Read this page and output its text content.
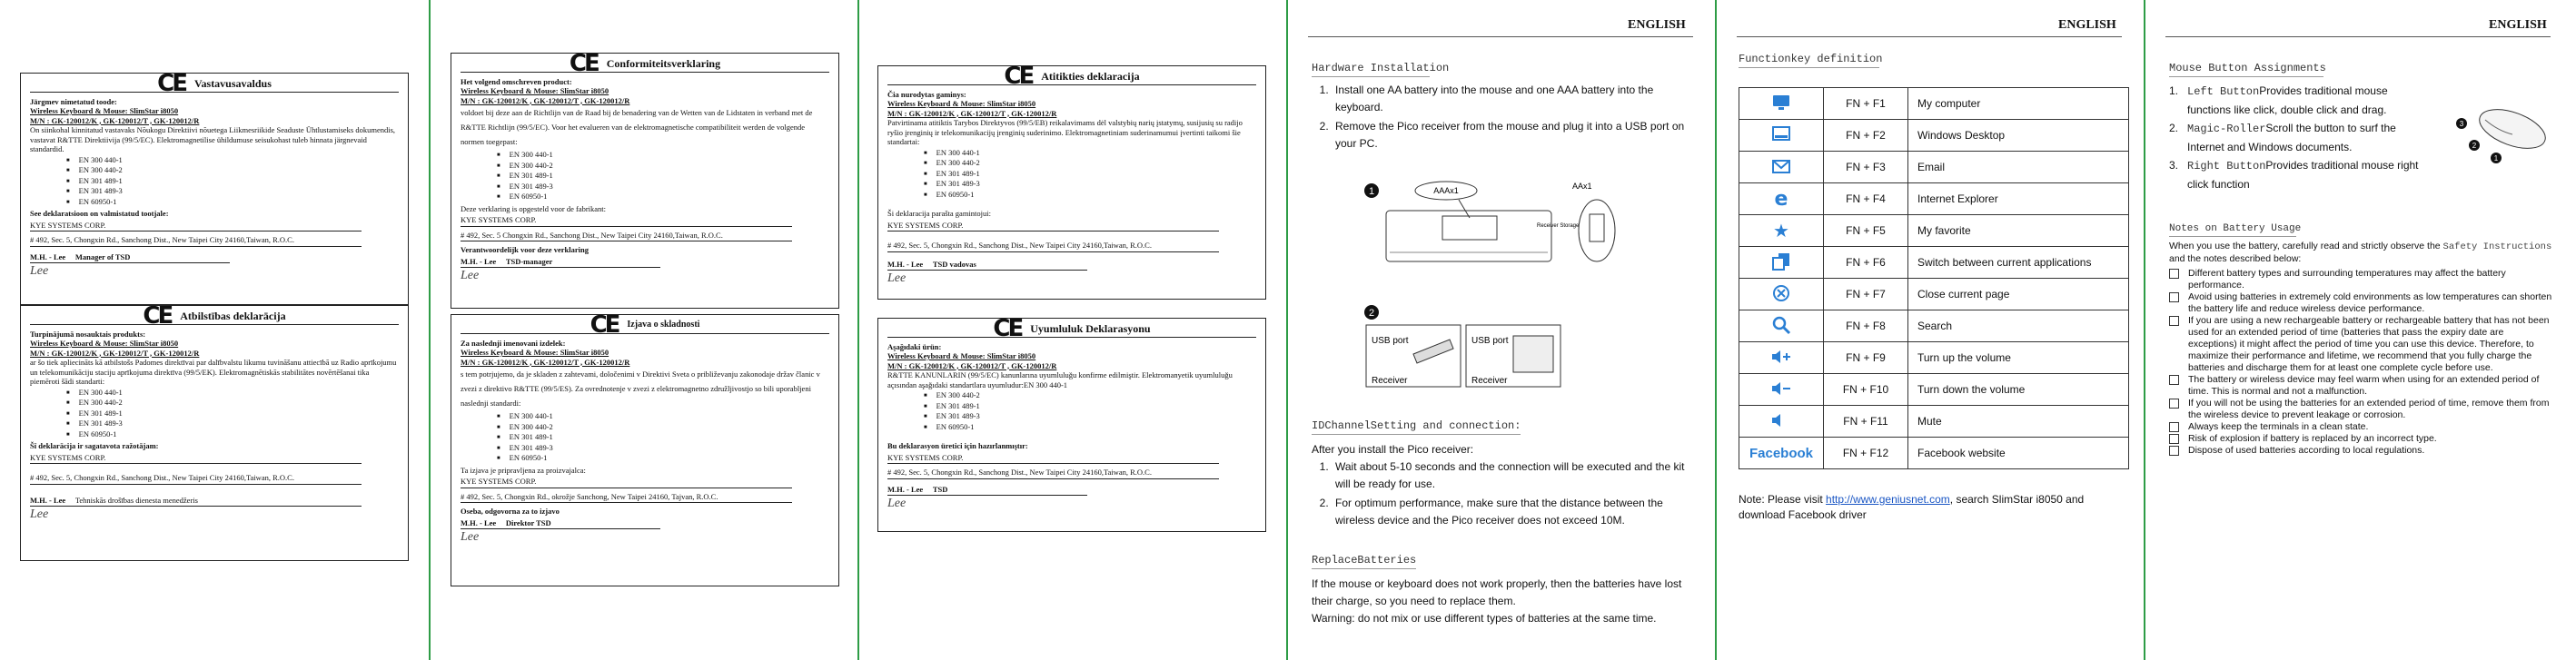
CE Vastavusavaldus
Järgmev nimetatud toode:
Wireless Keyboard & Mouse: SlimStar i8050
M/N : GK-120012/K , GK-120012/T , GK-120012/R
On siinkohal kinnitatud vastavaks Nõukogu Direktiivi nõuetega Liikmesriikide Seadustе Ühtlustamiseks dokumendis, vastavat R&TTE Direktiivija (99/5/EC). Elektromagnetilise ühildumuse seisukohast tuleb hinnata järgnevaid standardid.
■ EN 300 440-1
■ EN 300 440-2
■ EN 301 489-1
■ EN 301 489-3
■ EN 60950-1
See deklaratsioon on valmistatud tootjale:
KYE SYSTEMS CORP.
# 492, Sec. 5, Chongxin Rd., Sanchong Dist., New Taipei City 24160,Taiwan, R.O.C.
M.H. - Lee Manager of TSD
Lee
CE Atbilstības deklarācija
Turpinājumā nosauktais produkts:
Wireless Keyboard & Mouse: SlimStar i8050
M/N : GK-120012/K , GK-120012/T , GK-120012/R
ar šo tiek apliecināts kā atbilstošs Padomes direktīvai par dalībvalstu likumu tuvināšanu attiecībā uz Radio aprīkojumu un telekomunikāciju staciju aprīkojuma direktīva (99/5/EK). Elektromagnētiskās stabilitātes novērtēšanai tika piemēroti šādi standarti:
■ EN 300 440-1
■ EN 300 440-2
■ EN 301 489-1
■ EN 301 489-3
■ EN 60950-1
Šī deklarācija ir sagatavota ražotājam:
KYE SYSTEMS CORP.
# 492, Sec. 5, Chongxin Rd., Sanchong Dist., New Taipei City 24160,Taiwan, R.O.C.
M.H. - Lee Tehniskās drošības dienesta menedžeris
Lee
CE Conformiteitsverklaring
Het volgend omschreven product:
Wireless Keyboard & Mouse: SlimStar i8050
M/N : GK-120012/K , GK-120012/T , GK-120012/R
voldoet bij deze aan de Richtlijn van de Raad bij de benadering van de Wetten van de Lidstaten in verband met de R&TTE Richtlijn (99/5/EC). Voor het evalueren van de elektromagnetische compatibiliteit werden de volgende normen toegepast:
■ EN 300 440-1
■ EN 300 440-2
■ EN 301 489-1
■ EN 301 489-3
■ EN 60950-1
Deze verklaring is opgesteld voor de fabrikant:
KYE SYSTEMS CORP.
# 492, Sec. 5 Chongxin Rd., Sanchong Dist., New Taipei City 24160,Taiwan, R.O.C.
Verantwoordelijk voor deze verklaring
M.H. - Lee TSD-manager
Lee
CE Izjava o skladnosti
Za naslednji imenovani izdelek:
Wireless Keyboard & Mouse: SlimStar i8050
M/N : GK-120012/K , GK-120012/T , GK-120012/R
s tem potrjujemo, da je skladen z zahtevami, določenimi v Direktivi Sveta o približevanju zakonodaje držav članic v zvezi z direktivo R&TTE (99/5/ES). Za ovrednotenje v zvezi z elektromagnetno združljivostjo so bili uporabljeni naslednji standardi:
■ EN 300 440-1
■ EN 300 440-2
■ EN 301 489-1
■ EN 301 489-3
■ EN 60950-1
Ta izjava je pripravljena za proizvajalca:
KYE SYSTEMS CORP.
# 492, Sec. 5, Chongxin Rd., okrožje Sanchong, New Taipei 24160, Tajvan, R.O.C.
Oseba, odgovorna za to izjavo
M.H. - Lee Direktor TSD
Lee
CE Atitikties deklaracija
Čia nurodytas gaminys:
Wireless Keyboard & Mouse: SlimStar i8050
M/N : GK-120012/K , GK-120012/T , GK-120012/R
Patvirtinama atitiktis Tarybos Direktyvos (99/5/EB) reikalavimams dėl valstybių narių įstatymų, susijusių su radijo ryšio įrenginių ir telekomunikacijų įrenginių suderinimo. Elektromagnetiniam suderinamumui įvertinti taikomi šie standartai:
■ EN 300 440-1
■ EN 300 440-2
■ EN 301 489-1
■ EN 301 489-3
■ EN 60950-1
Ši deklaracija parašta gamintojui:
KYE SYSTEMS CORP.
# 492, Sec. 5, Chongxin Rd., Sanchong Dist., New Taipei City 24160,Taiwan, R.O.C.
M.H. - Lee TSD vadovas
Lee
CE Uyumluluk Deklarasyonu
Aşağıdaki ürün:
Wireless Keyboard & Mouse: SlimStar i8050
M/N : GK-120012/K , GK-120012/T , GK-120012/R
R&TTE KANUNLARIN (99/5/EC) kanunlarına uyumluluğu konfirme edilmiştir. Elektromanyetik uyumluluğu açısından aşağıdaki standartlara uyumludur:EN 300 440-1
■ EN 300 440-2
■ EN 301 489-1
■ EN 301 489-3
■ EN 60950-1
Bu deklarasyon üretici için hazırlanmıştır:
KYE SYSTEMS CORP.
# 492, Sec. 5, Chongxin Rd., Sanchong Dist., New Taipei City 24160,Taiwan, R.O.C.
M.H. - Lee TSD
Lee
ENGLISH
Hardware Installation
1. Install one AA battery into the mouse and one AAA battery into the keyboard.
2. Remove the Pico receiver from the mouse and plug it into a USB port on your PC.
1	AAAx1	AAx1
Receiver Storage
2
USB port	USB port
Receiver	Receiver
IDChannelSetting and connection:
After you install the Pico receiver:
1. Wait about 5-10 seconds and the connection will be executed and the kit will be ready for use.
2. For optimum performance, make sure that the distance between the wireless device and the Pico receiver does not exceed 10M.
ReplaceBatteries
If the mouse or keyboard does not work properly, then the batteries have lost their charge, so you need to replace them.
Warning: do not mix or use different types of batteries at the same time.
ENGLISH
Functionkey definition
	FN + F1	My computer
	FN + F2	Windows Desktop
	FN + F3	Email

e	FN + F4	Internet Explorer

★	FN + F5	My favorite
	FN + F6	Switch between current applications
	FN + F7	Close current page
	FN + F8	Search
	FN + F9	Turn up the volume
	FN + F10	Turn down the volume
	FN + F11	Mute
Facebook	FN + F12	Facebook website
Note: Please visit http://www.geniusnet.com, search SlimStar i8050 and download Facebook driver
ENGLISH
Mouse Button Assignments
1. Left ButtonProvides traditional mouse functions like click, double click and drag.
2. Magic-RollerScroll the button to surf the Internet and Windows documents.
3. Right ButtonProvides traditional mouse right click function
3
2
1
Notes on Battery Usage
When you use the battery, carefully read and strictly observe the Safety Instructions and the notes described below:
Different battery types and surrounding temperatures may affect the battery performance.
Avoid using batteries in extremely cold environments as low temperatures can shorten the battery life and reduce wireless device performance.
If you are using a new rechargeable battery or rechargeable battery that has not been used for an extended period of time (batteries that pass the expiry date are exceptions) it might affect the period of time you can use this device. Therefore, to maximize their performance and lifetime, we recommend that you fully charge the batteries and discharge them for at least one complete cycle before use.
The battery or wireless device may feel warm when using for an extended period of time. This is normal and not a malfunction.
If you will not be using the batteries for an extended period of time, remove them from the wireless device to prevent leakage or corrosion.
Always keep the terminals in a clean state.
Risk of explosion if battery is replaced by an incorrect type.
Dispose of used batteries according to local regulations.
